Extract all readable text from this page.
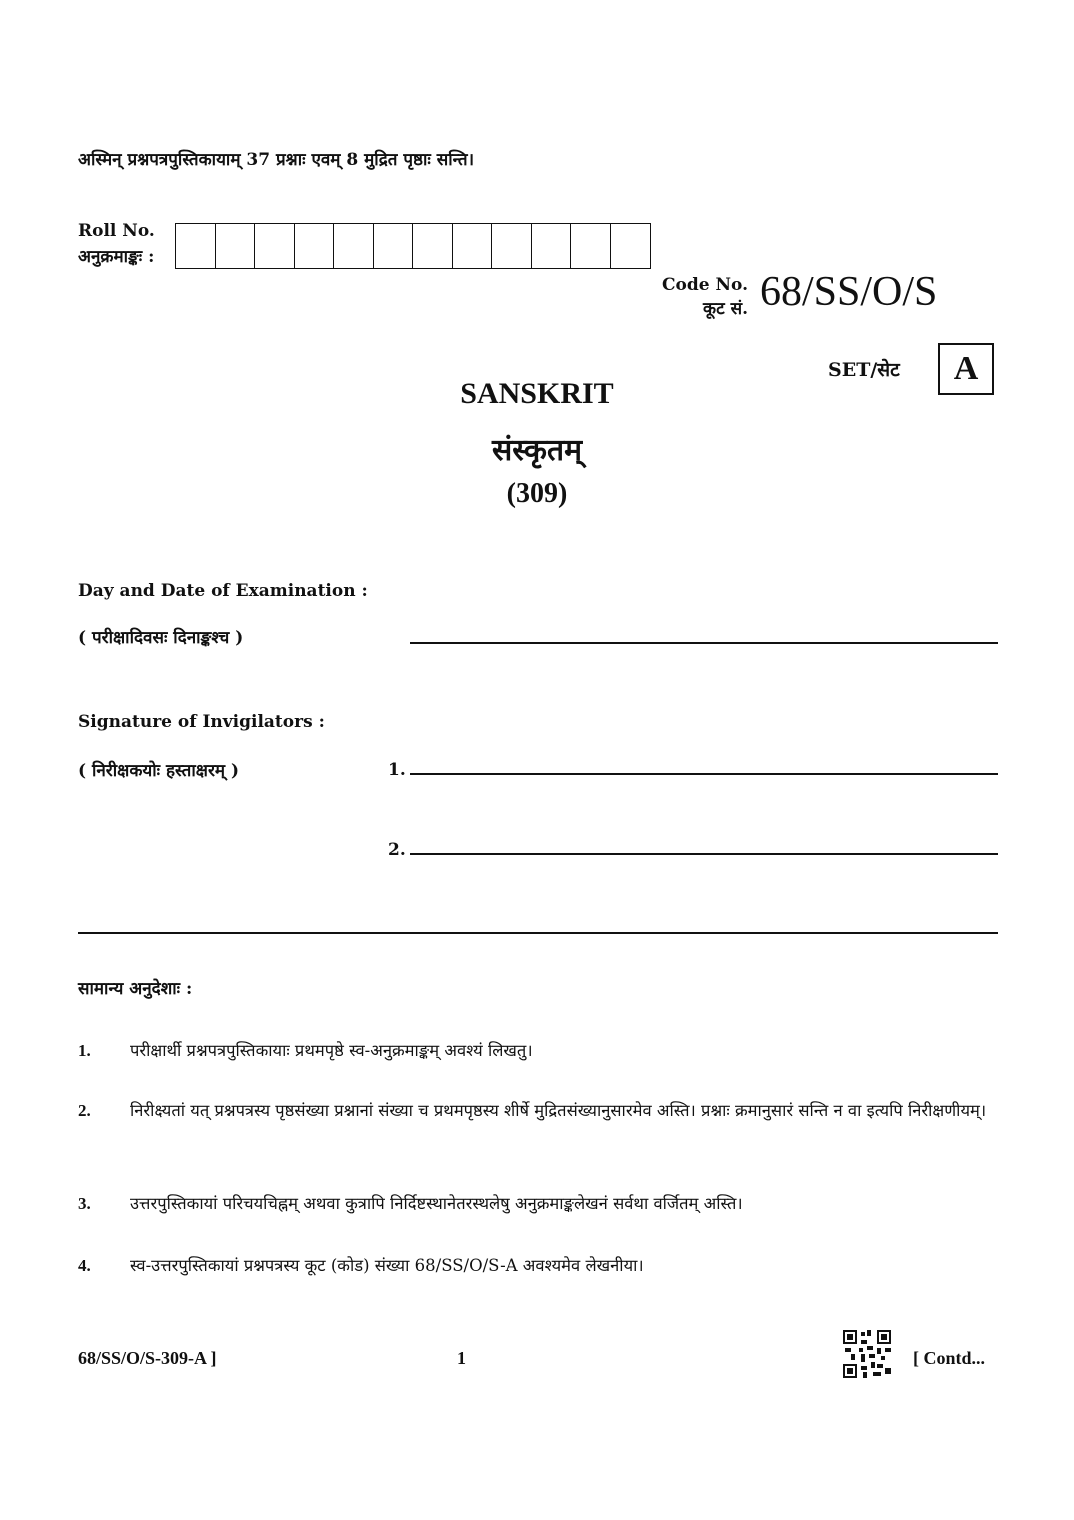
अस्मिन् प्रश्नपत्रपुस्तिकायाम् 37 प्रश्नाः एवम् 8 मुद्रित पृष्ठाः सन्ति।
Roll No.
अनुक्रमाङ्कः :
Code No.
कूट सं. 68/SS/O/S
SET/सेट	A
SANSKRIT
संस्कृतम्
(309)
Day and Date of Examination :
( परीक्षादिवसः दिनाङ्कश्च )
Signature of Invigilators :
( निरीक्षकयोः हस्ताक्षरम् )	1.
2.
सामान्य अनुदेशाः :
1.	परीक्षार्थी प्रश्नपत्रपुस्तिकायाः प्रथमपृष्ठे स्व-अनुक्रमाङ्कम् अवश्यं लिखतु।
2.	निरीक्ष्यतां यत् प्रश्नपत्रस्य पृष्ठसंख्या प्रश्नानां संख्या च प्रथमपृष्ठस्य शीर्षे मुद्रितसंख्यानुसारमेव अस्ति। प्रश्नाः क्रमानुसारं सन्ति न वा इत्यपि निरीक्षणीयम्।
3.	उत्तरपुस्तिकायां परिचयचिह्नम् अथवा कुत्रापि निर्दिष्टस्थानेतरस्थलेषु अनुक्रमाङ्कलेखनं सर्वथा वर्जितम् अस्ति।
4.	स्व-उत्तरपुस्तिकायां प्रश्नपत्रस्य कूट (कोड) संख्या 68/SS/O/S-A अवश्यमेव लेखनीया।
68/SS/O/S-309-A ]	1	[ Contd...
